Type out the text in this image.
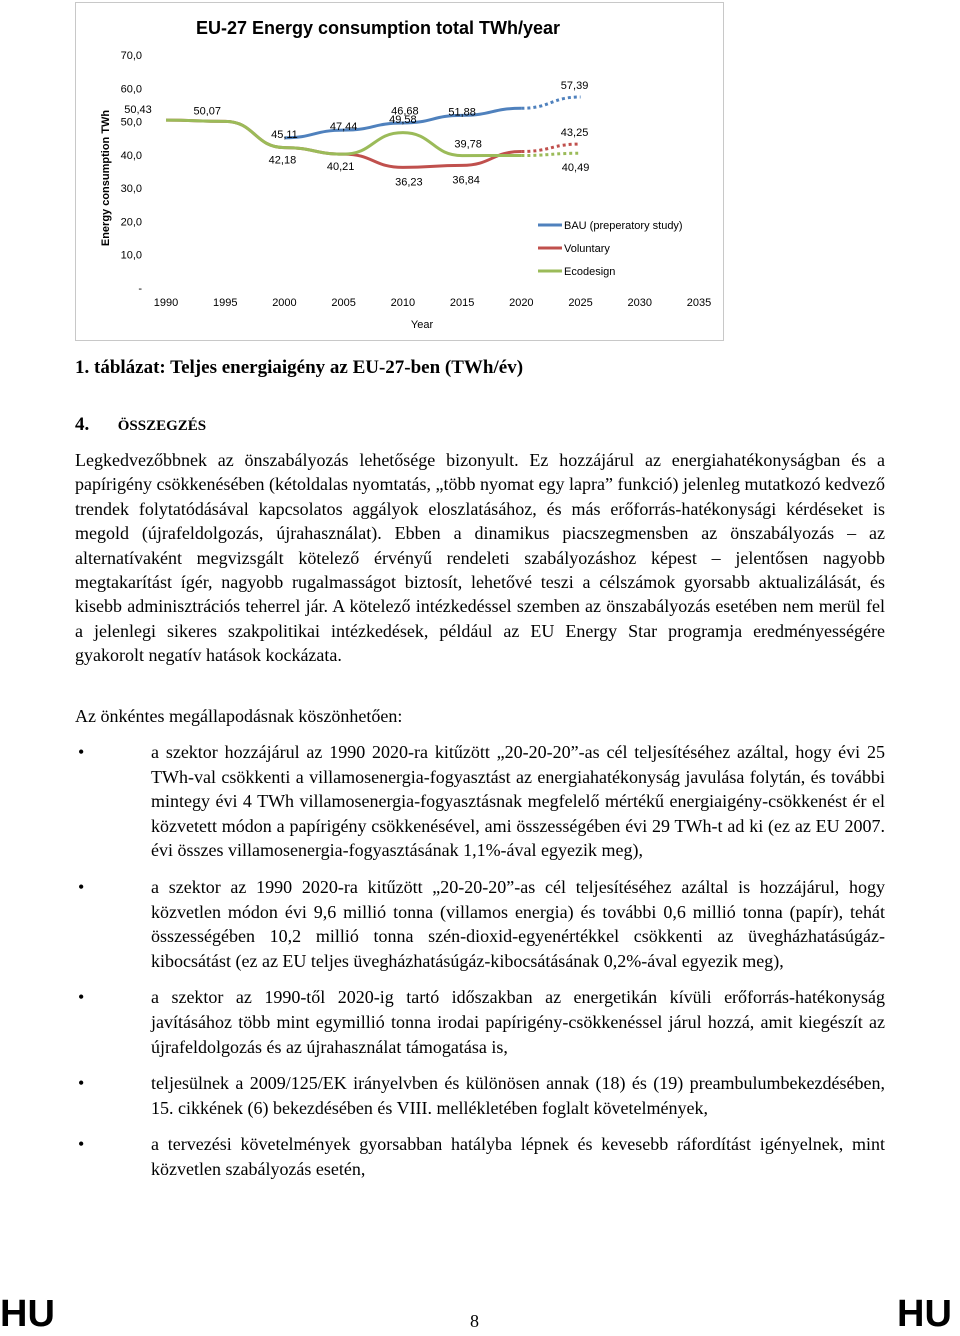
EU-27 Energy consumption total TWh/year
Energy consumption TWh
Year
-
10,0
20,0
30,0
40,0
50,0
60,0
70,0
1990	1995	2000	2005	2010	2015	2020	2025	2030	2035
45,11
47,44
49,58
51,88
57,39
50,43	50,07
42,18
40,21
36,23	36,84
43,25
46,68
39,78
40,49
BAU (preperatory study)
Voluntary
Ecodesign
1. táblázat: Teljes energiaigény az EU-27-ben (TWh/év)
4. ÖSSZEGZÉS
Legkedvezőbbnek az önszabályozás lehetősége bizonyult. Ez hozzájárul az energiahatékonyságban és a papírigény csökkenésében (kétoldalas nyomtatás, „több nyomat egy lapra” funkció) jelenleg mutatkozó kedvező trendek folytatódásával kapcsolatos aggályok eloszlatásához, és más erőforrás-hatékonysági kérdéseket is megold (újrafeldolgozás, újrahasználat). Ebben a dinamikus piacszegmensben az önszabályozás – az alternatívaként megvizsgált kötelező érvényű rendeleti szabályozáshoz képest – jelentősen nagyobb megtakarítást ígér, nagyobb rugalmasságot biztosít, lehetővé teszi a célszámok gyorsabb aktualizálását, és kisebb adminisztrációs teherrel jár. A kötelező intézkedéssel szemben az önszabályozás esetében nem merül fel a jelenlegi sikeres szakpolitikai intézkedések, például az EU Energy Star programja eredményességére gyakorolt negatív hatások kockázata.
Az önkéntes megállapodásnak köszönhetően:
•	a szektor hozzájárul az 1990 2020-ra kitűzött „20-20-20”-as cél teljesítéséhez azáltal, hogy évi 25 TWh-val csökkenti a villamosenergia-fogyasztást az energiahatékonyság javulása folytán, és további mintegy évi 4 TWh villamosenergia-fogyasztásnak megfelelő mértékű energiaigény-csökkenést ér el közvetett módon a papírigény csökkenésével, ami összességében évi 29 TWh-t ad ki (ez az EU 2007. évi összes villamosenergia-fogyasztásának 1,1%-ával egyezik meg),
•	a szektor az 1990 2020-ra kitűzött „20-20-20”-as cél teljesítéséhez azáltal is hozzájárul, hogy közvetlen módon évi 9,6 millió tonna (villamos energia) és további 0,6 millió tonna (papír), tehát összességében 10,2 millió tonna szén-dioxid-egyenértékkel csökkenti az üvegházhatásúgáz-kibocsátást (ez az EU teljes üvegházhatásúgáz-kibocsátásának 0,2%-ával egyezik meg),
•	a szektor az 1990-től 2020-ig tartó időszakban az energetikán kívüli erőforrás-hatékonyság javításához több mint egymillió tonna irodai papírigény-csökkenéssel járul hozzá, amit kiegészít az újrafeldolgozás és az újrahasználat támogatása is,
•	teljesülnek a 2009/125/EK irányelvben és különösen annak (18) és (19) preambulumbekezdésében, 15. cikkének (6) bekezdésében és VIII. mellékletében foglalt követelmények,
•	a tervezési követelmények gyorsabban hatályba lépnek és kevesebb ráfordítást igényelnek, mint közvetlen szabályozás esetén,
HU	8	HU
